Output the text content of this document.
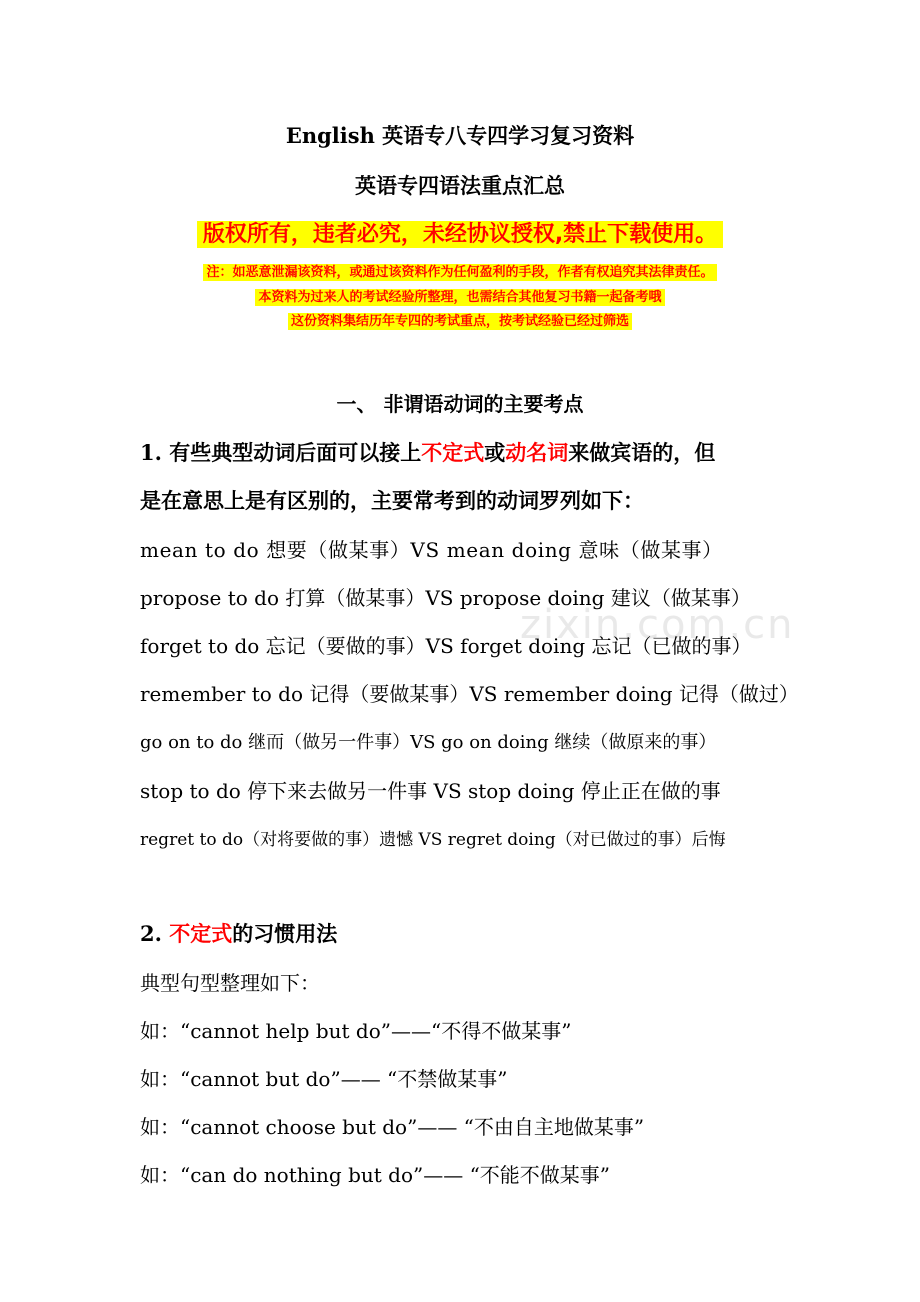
zixin.com.cn
English 英语专八专四学习复习资料
英语专四语法重点汇总
版权所有，违者必究，未经协议授权,禁止下载使用。
注：如恶意泄漏该资料，或通过该资料作为任何盈利的手段，作者有权追究其法律责任。
本资料为过来人的考试经验所整理，也需结合其他复习书籍一起备考哦
这份资料集结历年专四的考试重点，按考试经验已经过筛选
一、 非谓语动词的主要考点
1. 有些典型动词后面可以接上不定式或动名词来做宾语的，但
是在意思上是有区别的，主要常考到的动词罗列如下：
mean to do 想要（做某事）VS mean doing 意味（做某事）
propose to do 打算（做某事）VS propose doing 建议（做某事）
forget to do 忘记（要做的事）VS forget doing 忘记（已做的事）
remember to do 记得（要做某事）VS remember doing 记得（做过）
go on to do 继而（做另一件事）VS go on doing 继续（做原来的事）
stop to do 停下来去做另一件事 VS stop doing 停止正在做的事
regret to do（对将要做的事）遗憾 VS regret doing（对已做过的事）后悔
2. 不定式的习惯用法
典型句型整理如下：
如：“cannot help but do”——“不得不做某事”
如：“cannot but do”—— “不禁做某事”
如：“cannot choose but do”—— “不由自主地做某事”
如：“can do nothing but do”—— “不能不做某事”
